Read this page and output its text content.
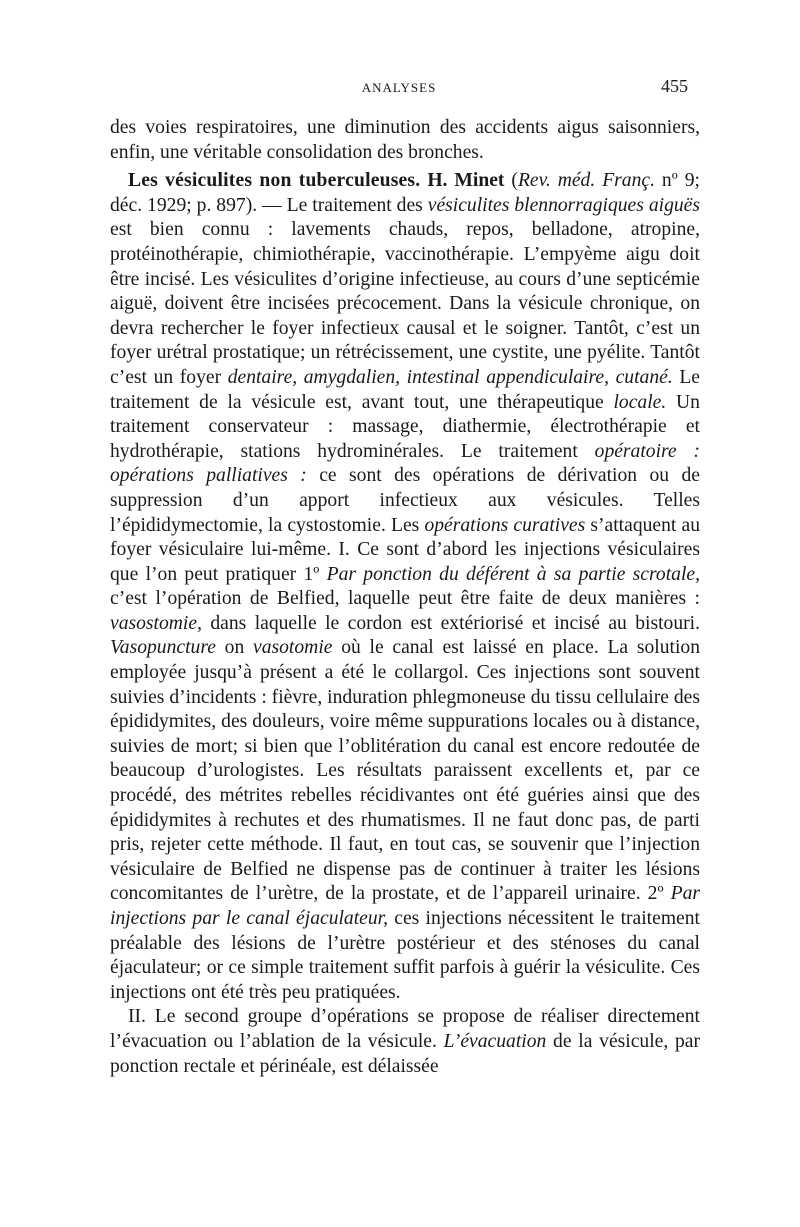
ANALYSES	455

des voies respiratoires, une diminution des accidents aigus saisonniers, enfin, une véritable consolidation des bronches.

Les vésiculites non tuberculeuses. H. Minet (Rev. méd. Franç. nº 9; déc. 1929; p. 897). — Le traitement des vésiculites blennorragiques aiguës est bien connu : lavements chauds, repos, belladone, atropine, protéinothérapie, chimiothérapie, vaccinothérapie. L’empyème aigu doit être incisé. Les vésiculites d’origine infectieuse, au cours d’une septicémie aiguë, doivent être incisées précocement. Dans la vésicule chronique, on devra rechercher le foyer infectieux causal et le soigner. Tantôt, c’est un foyer urétral prostatique; un rétrécissement, une cystite, une pyélite. Tantôt c’est un foyer dentaire, amygdalien, intestinal appendiculaire, cutané. Le traitement de la vésicule est, avant tout, une thérapeutique locale. Un traitement conservateur : massage, diathermie, électrothérapie et hydrothérapie, stations hydrominérales. Le traitement opératoire : opérations palliatives : ce sont des opérations de dérivation ou de suppression d’un apport infectieux aux vésicules. Telles l’épididymectomie, la cystostomie. Les opérations curatives s’attaquent au foyer vésiculaire lui-même. I. Ce sont d’abord les injections vésiculaires que l’on peut pratiquer 1º Par ponction du déférent à sa partie scrotale, c’est l’opération de Belfied, laquelle peut être faite de deux manières : vasostomie, dans laquelle le cordon est extériorisé et incisé au bistouri. Vasopuncture on vasotomie où le canal est laissé en place. La solution employée jusqu’à présent a été le collargol. Ces injections sont souvent suivies d’incidents : fièvre, induration phlegmoneuse du tissu cellulaire des épididymites, des douleurs, voire même suppurations locales ou à distance, suivies de mort; si bien que l’oblitération du canal est encore redoutée de beaucoup d’urologistes. Les résultats paraissent excellents et, par ce procédé, des métrites rebelles récidivantes ont été guéries ainsi que des épididymites à rechutes et des rhumatismes. Il ne faut donc pas, de parti pris, rejeter cette méthode. Il faut, en tout cas, se souvenir que l’injection vésiculaire de Belfied ne dispense pas de continuer à traiter les lésions concomitantes de l’urètre, de la prostate, et de l’appareil urinaire. 2º Par injections par le canal éjaculateur, ces injections nécessitent le traitement préalable des lésions de l’urètre postérieur et des sténoses du canal éjaculateur; or ce simple traitement suffit parfois à guérir la vésiculite. Ces injections ont été très peu pratiquées.

II. Le second groupe d’opérations se propose de réaliser directement l’évacuation ou l’ablation de la vésicule. L’évacuation de la vésicule, par ponction rectale et périnéale, est délaissée
